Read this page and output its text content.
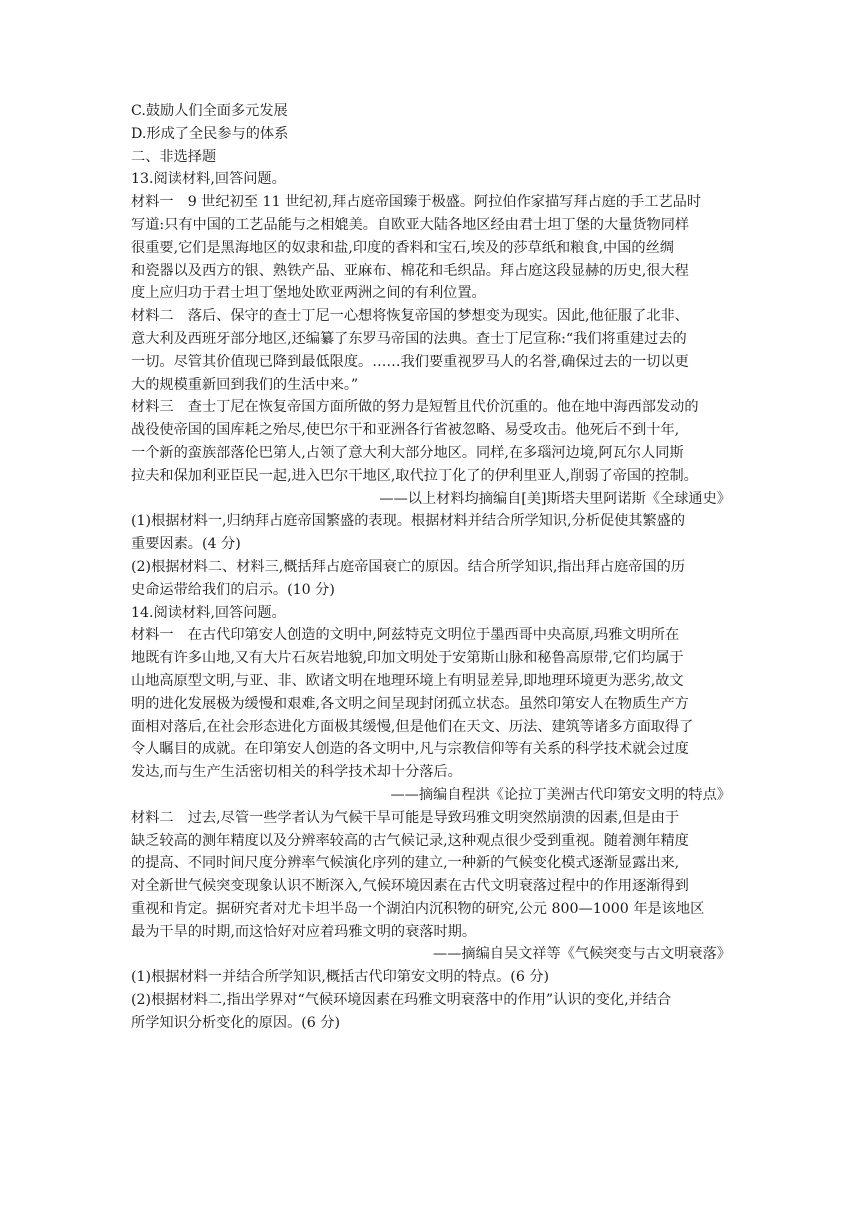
C.鼓励人们全面多元发展
D.形成了全民参与的体系
二、非选择题
13.阅读材料,回答问题。
材料一　9 世纪初至 11 世纪初,拜占庭帝国臻于极盛。阿拉伯作家描写拜占庭的手工艺品时
写道:只有中国的工艺品能与之相媲美。自欧亚大陆各地区经由君士坦丁堡的大量货物同样
很重要,它们是黑海地区的奴隶和盐,印度的香料和宝石,埃及的莎草纸和粮食,中国的丝绸
和瓷器以及西方的银、熟铁产品、亚麻布、棉花和毛织品。拜占庭这段显赫的历史,很大程
度上应归功于君士坦丁堡地处欧亚两洲之间的有利位置。
材料二　落后、保守的查士丁尼一心想将恢复帝国的梦想变为现实。因此,他征服了北非、
意大利及西班牙部分地区,还编纂了东罗马帝国的法典。查士丁尼宣称:“我们将重建过去的
一切。尽管其价值现已降到最低限度。……我们要重视罗马人的名誉,确保过去的一切以更
大的规模重新回到我们的生活中来。”
材料三　查士丁尼在恢复帝国方面所做的努力是短暂且代价沉重的。他在地中海西部发动的
战役使帝国的国库耗之殆尽,使巴尔干和亚洲各行省被忽略、易受攻击。他死后不到十年,
一个新的蛮族部落伦巴第人,占领了意大利大部分地区。同样,在多瑙河边境,阿瓦尔人同斯
拉夫和保加利亚臣民一起,进入巴尔干地区,取代拉丁化了的伊利里亚人,削弱了帝国的控制。
——以上材料均摘编自[美]斯塔夫里阿诺斯《全球通史》
(1)根据材料一,归纳拜占庭帝国繁盛的表现。根据材料并结合所学知识,分析促使其繁盛的
重要因素。(4 分)
(2)根据材料二、材料三,概括拜占庭帝国衰亡的原因。结合所学知识,指出拜占庭帝国的历
史命运带给我们的启示。(10 分)
14.阅读材料,回答问题。
材料一　在古代印第安人创造的文明中,阿兹特克文明位于墨西哥中央高原,玛雅文明所在
地既有许多山地,又有大片石灰岩地貌,印加文明处于安第斯山脉和秘鲁高原带,它们均属于
山地高原型文明,与亚、非、欧诸文明在地理环境上有明显差异,即地理环境更为恶劣,故文
明的进化发展极为缓慢和艰难,各文明之间呈现封闭孤立状态。虽然印第安人在物质生产方
面相对落后,在社会形态进化方面极其缓慢,但是他们在天文、历法、建筑等诸多方面取得了
令人瞩目的成就。在印第安人创造的各文明中,凡与宗教信仰等有关系的科学技术就会过度
发达,而与生产生活密切相关的科学技术却十分落后。
——摘编自程洪《论拉丁美洲古代印第安文明的特点》
材料二　过去,尽管一些学者认为气候干旱可能是导致玛雅文明突然崩溃的因素,但是由于
缺乏较高的测年精度以及分辨率较高的古气候记录,这种观点很少受到重视。随着测年精度
的提高、不同时间尺度分辨率气候演化序列的建立,一种新的气候变化模式逐渐显露出来,
对全新世气候突变现象认识不断深入,气候环境因素在古代文明衰落过程中的作用逐渐得到
重视和肯定。据研究者对尤卡坦半岛一个湖泊内沉积物的研究,公元 800—1000 年是该地区
最为干旱的时期,而这恰好对应着玛雅文明的衰落时期。
——摘编自吴文祥等《气候突变与古文明衰落》
(1)根据材料一并结合所学知识,概括古代印第安文明的特点。(6 分)
(2)根据材料二,指出学界对“气候环境因素在玛雅文明衰落中的作用”认识的变化,并结合
所学知识分析变化的原因。(6 分)
